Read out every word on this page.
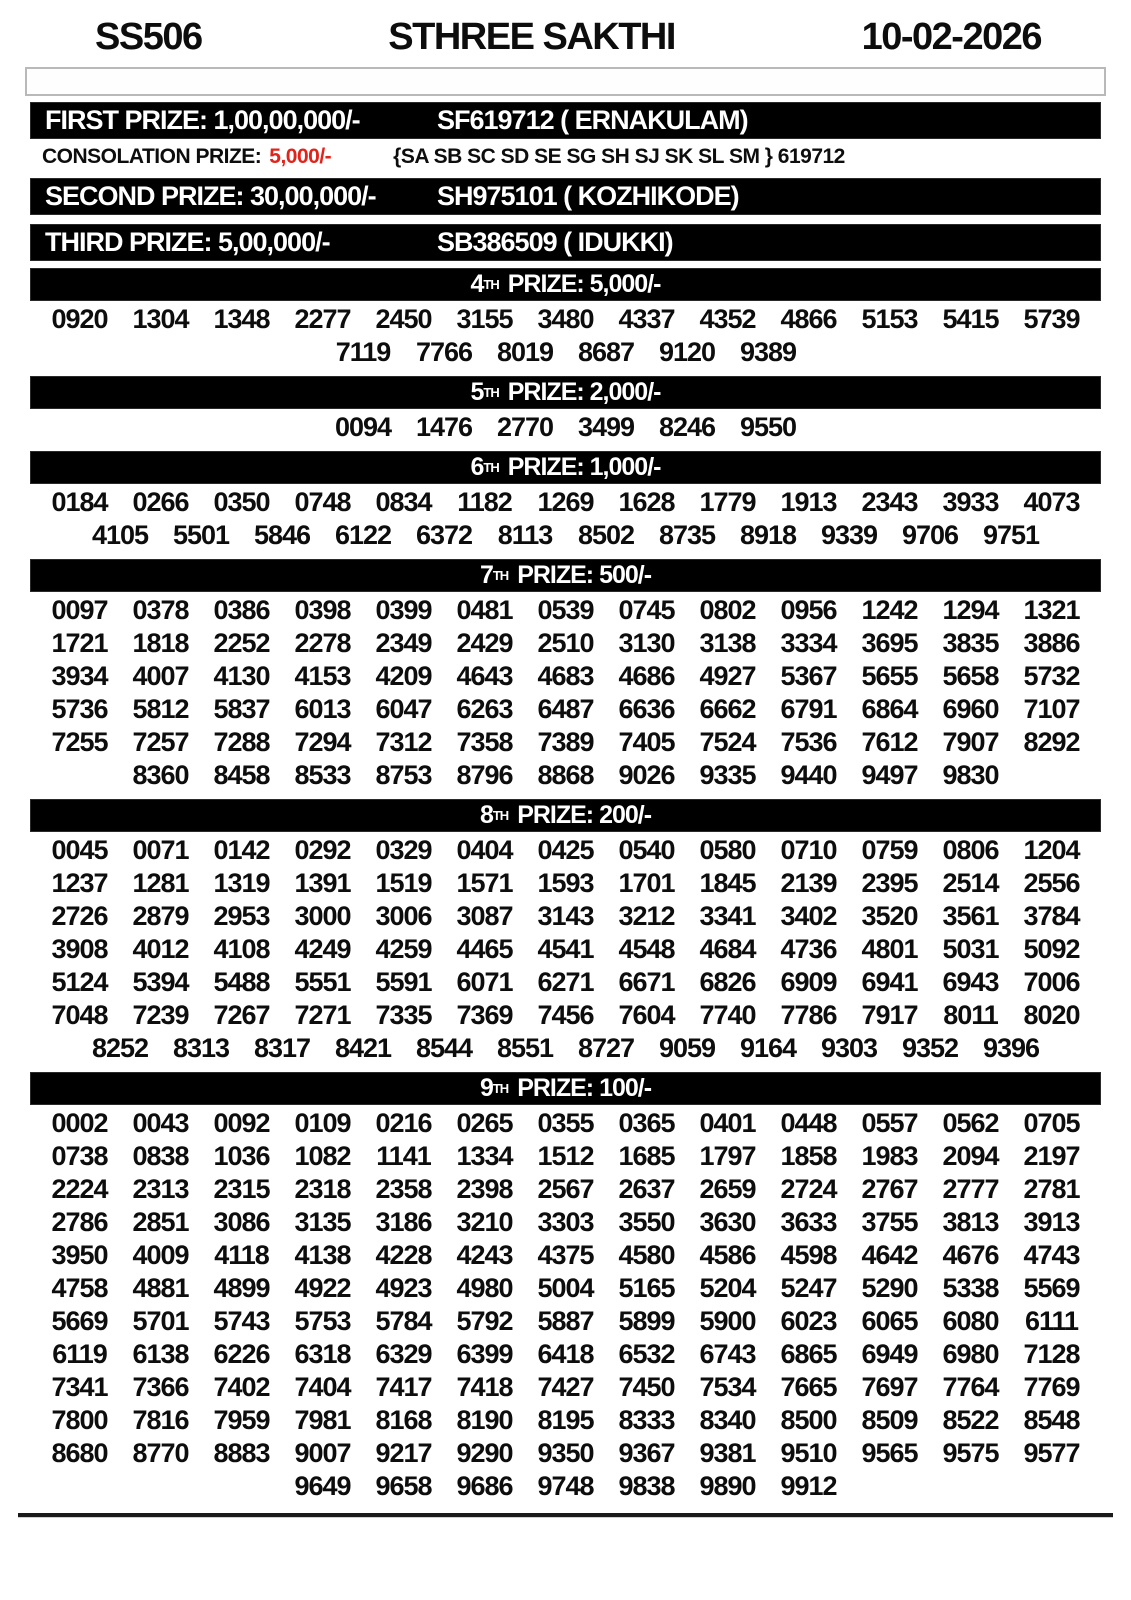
SS506	STHREE SAKTHI	10-02-2026
FIRST PRIZE: 1,00,00,000/-	SF619712 ( ERNAKULAM)
CONSOLATION PRIZE: 5,000/-	{SA SB SC SD SE SG SH SJ SK SL SM } 619712
SECOND PRIZE: 30,00,000/-	SH975101 ( KOZHIKODE)
THIRD PRIZE: 5,00,000/-	SB386509 ( IDUKKI)
4 TH PRIZE: 5,000/-
0920 1304 1348 2277 2450 3155 3480 4337 4352 4866 5153 5415 5739
7119 7766 8019 8687 9120 9389
5 TH PRIZE: 2,000/-
0094 1476 2770 3499 8246 9550
6 TH PRIZE: 1,000/-
0184 0266 0350 0748 0834 1182 1269 1628 1779 1913 2343 3933 4073
4105 5501 5846 6122 6372 8113 8502 8735 8918 9339 9706 9751
7 TH PRIZE: 500/-
0097 0378 0386 0398 0399 0481 0539 0745 0802 0956 1242 1294 1321
1721 1818 2252 2278 2349 2429 2510 3130 3138 3334 3695 3835 3886
3934 4007 4130 4153 4209 4643 4683 4686 4927 5367 5655 5658 5732
5736 5812 5837 6013 6047 6263 6487 6636 6662 6791 6864 6960 7107
7255 7257 7288 7294 7312 7358 7389 7405 7524 7536 7612 7907 8292
8360 8458 8533 8753 8796 8868 9026 9335 9440 9497 9830
8 TH PRIZE: 200/-
0045 0071 0142 0292 0329 0404 0425 0540 0580 0710 0759 0806 1204
1237 1281 1319 1391 1519 1571 1593 1701 1845 2139 2395 2514 2556
2726 2879 2953 3000 3006 3087 3143 3212 3341 3402 3520 3561 3784
3908 4012 4108 4249 4259 4465 4541 4548 4684 4736 4801 5031 5092
5124 5394 5488 5551 5591 6071 6271 6671 6826 6909 6941 6943 7006
7048 7239 7267 7271 7335 7369 7456 7604 7740 7786 7917 8011 8020
8252 8313 8317 8421 8544 8551 8727 9059 9164 9303 9352 9396
9 TH PRIZE: 100/-
0002 0043 0092 0109 0216 0265 0355 0365 0401 0448 0557 0562 0705
0738 0838 1036 1082 1141 1334 1512 1685 1797 1858 1983 2094 2197
2224 2313 2315 2318 2358 2398 2567 2637 2659 2724 2767 2777 2781
2786 2851 3086 3135 3186 3210 3303 3550 3630 3633 3755 3813 3913
3950 4009 4118 4138 4228 4243 4375 4580 4586 4598 4642 4676 4743
4758 4881 4899 4922 4923 4980 5004 5165 5204 5247 5290 5338 5569
5669 5701 5743 5753 5784 5792 5887 5899 5900 6023 6065 6080 6111
6119 6138 6226 6318 6329 6399 6418 6532 6743 6865 6949 6980 7128
7341 7366 7402 7404 7417 7418 7427 7450 7534 7665 7697 7764 7769
7800 7816 7959 7981 8168 8190 8195 8333 8340 8500 8509 8522 8548
8680 8770 8883 9007 9217 9290 9350 9367 9381 9510 9565 9575 9577
9649 9658 9686 9748 9838 9890 9912
